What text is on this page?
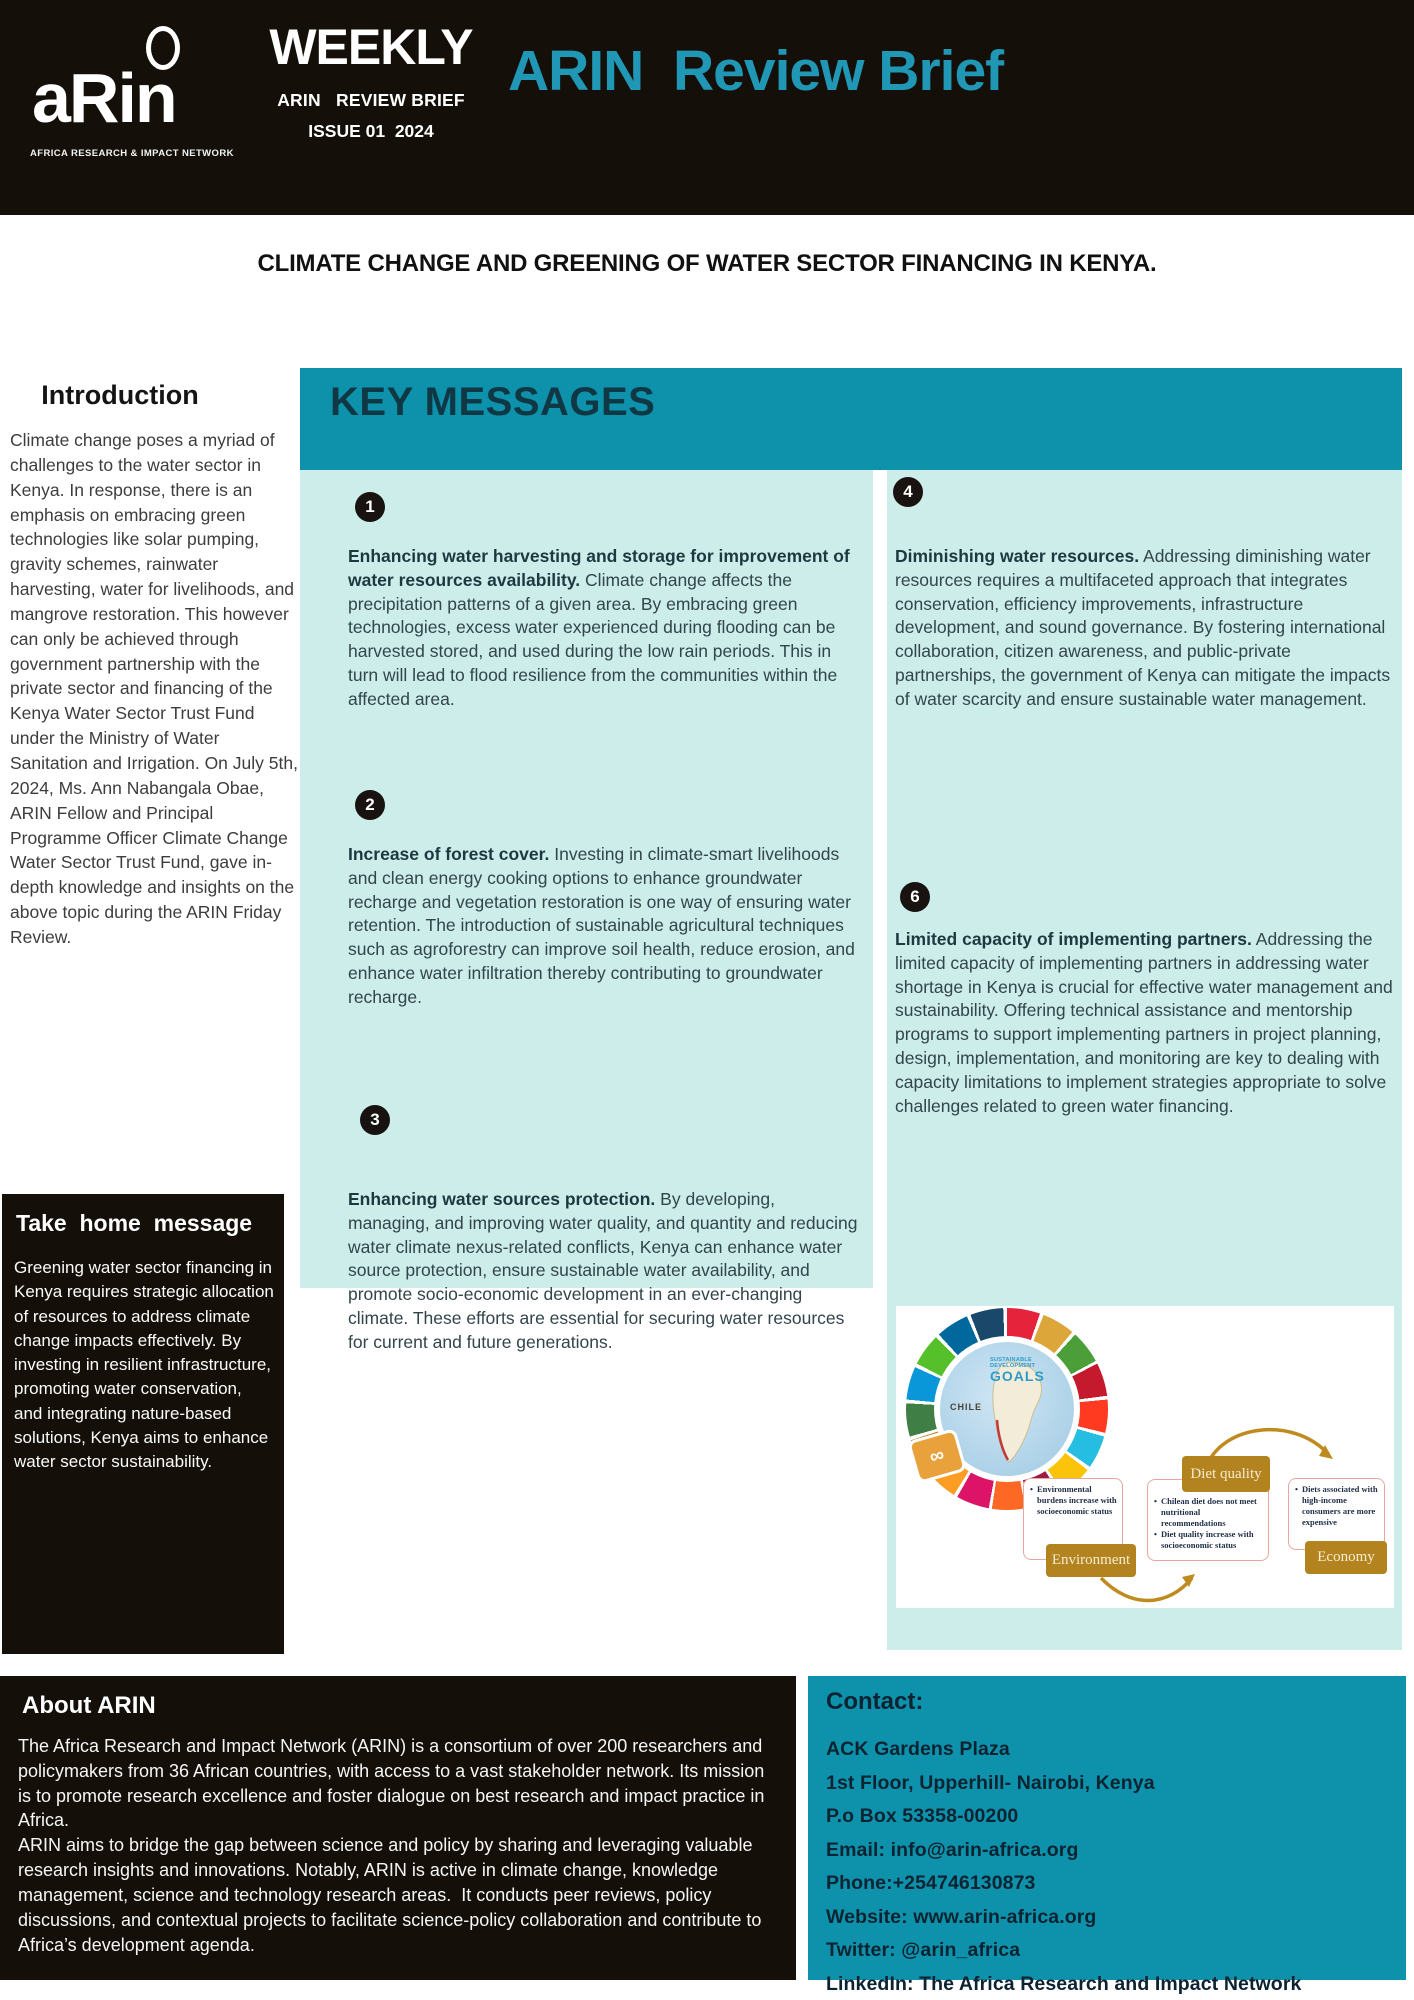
aRin
AFRICA RESEARCH & IMPACT NETWORK
WEEKLY
ARIN   REVIEW BRIEF
ISSUE 01  2024
ARIN  Review Brief
CLIMATE CHANGE AND GREENING OF WATER SECTOR FINANCING IN KENYA.
Introduction

Climate change poses a myriad of challenges to the water sector in Kenya. In response, there is an emphasis on embracing green technologies like solar pumping, gravity schemes, rainwater harvesting, water for livelihoods, and mangrove restoration. This however can only be achieved through government partnership with the private sector and financing of the Kenya Water Sector Trust Fund under the Ministry of Water Sanitation and Irrigation. On July 5th, 2024, Ms. Ann Nabangala Obae, ARIN Fellow and Principal Programme Officer Climate Change Water Sector Trust Fund, gave in-depth knowledge and insights on the above topic during the ARIN Friday Review.

KEY MESSAGES
1

Enhancing water harvesting and storage for improvement of water resources availability. Climate change affects the precipitation patterns of a given area. By embracing green technologies, excess water experienced during flooding can be harvested stored, and used during the low rain periods. This in turn will lead to flood resilience from the communities within the affected area.

2

Increase of forest cover. Investing in climate-smart livelihoods and clean energy cooking options to enhance groundwater recharge and vegetation restoration is one way of ensuring water retention. The introduction of sustainable agricultural techniques such as agroforestry can improve soil health, reduce erosion, and enhance water infiltration thereby contributing to groundwater recharge.

3

Enhancing water sources protection. By developing, managing, and improving water quality, and quantity and reducing water climate nexus-related conflicts, Kenya can enhance water source protection, ensure sustainable water availability, and promote socio-economic development in an ever-changing climate. These efforts are essential for securing water resources for current and future generations.

4

Diminishing water resources. Addressing diminishing water resources requires a multifaceted approach that integrates conservation, efficiency improvements, infrastructure development, and sound governance. By fostering international collaboration, citizen awareness, and public-private partnerships, the government of Kenya can mitigate the impacts of water scarcity and ensure sustainable water management.

6

Limited capacity of implementing partners. Addressing the limited capacity of implementing partners in addressing water shortage in Kenya is crucial for effective water management and sustainability. Offering technical assistance and mentorship programs to support implementing partners in project planning, design, implementation, and monitoring are key to dealing with capacity limitations to implement strategies appropriate to solve challenges related to green water financing.

Take  home  message

Greening water sector financing in Kenya requires strategic allocation of resources to address climate change impacts effectively. By investing in resilient infrastructure, promoting water conservation, and integrating nature-based solutions, Kenya aims to enhance water sector sustainability.

SUSTAINABLE DEVELOPMENT
GOALS
CHILE
∞
• Environmental burdens increase with socioeconomic status
Environment
• Chilean diet does not meet nutritional recommendations
• Diet quality increase with socioeconomic status
Diet quality
• Diets associated with high-income consumers are more expensive
Economy
About ARIN

The Africa Research and Impact Network (ARIN) is a consortium of over 200 researchers and policymakers from 36 African countries, with access to a vast stakeholder network. Its mission is to promote research excellence and foster dialogue on best research and impact practice in Africa.

ARIN aims to bridge the gap between science and policy by sharing and leveraging valuable research insights and innovations. Notably, ARIN is active in climate change, knowledge management, science and technology research areas.  It conducts peer reviews, policy discussions, and contextual projects to facilitate science-policy collaboration and contribute to Africa’s development agenda.

Contact:
ACK Gardens Plaza
1st Floor, Upperhill- Nairobi, Kenya
P.o Box 53358-00200
Email: info@arin-africa.org
Phone:+254746130873
Website: www.arin-africa.org
Twitter: @arin_africa
LinkedIn: The Africa Research and Impact Network
